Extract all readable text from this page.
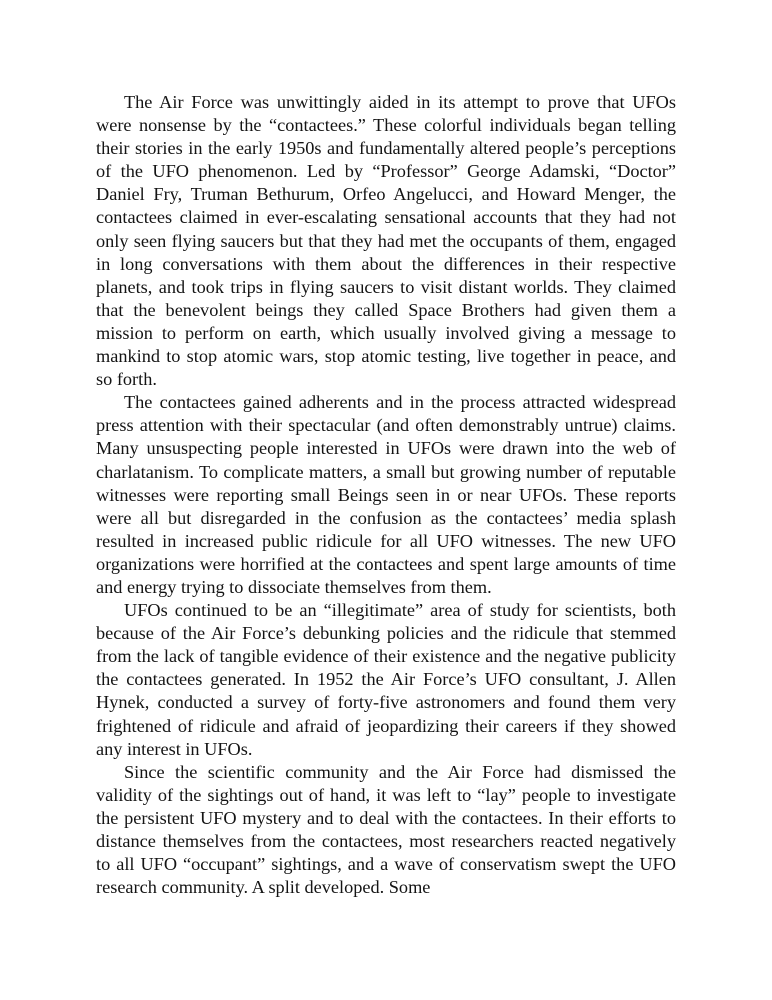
The Air Force was unwittingly aided in its attempt to prove that UFOs were nonsense by the “contactees.” These colorful individuals began telling their stories in the early 1950s and fundamentally altered people’s perceptions of the UFO phenomenon. Led by “Professor” George Adamski, “Doctor” Daniel Fry, Truman Bethurum, Orfeo Angelucci, and Howard Menger, the contactees claimed in ever-escalating sensational accounts that they had not only seen flying saucers but that they had met the occupants of them, engaged in long conversations with them about the differences in their respective planets, and took trips in flying saucers to visit distant worlds. They claimed that the benevolent beings they called Space Brothers had given them a mission to perform on earth, which usually involved giving a message to mankind to stop atomic wars, stop atomic testing, live together in peace, and so forth.

The contactees gained adherents and in the process attracted widespread press attention with their spectacular (and often demonstrably untrue) claims. Many unsuspecting people interested in UFOs were drawn into the web of charlatanism. To complicate matters, a small but growing number of reputable witnesses were reporting small Beings seen in or near UFOs. These reports were all but disregarded in the confusion as the contactees’ media splash resulted in increased public ridicule for all UFO witnesses. The new UFO organizations were horrified at the contactees and spent large amounts of time and energy trying to dissociate themselves from them.

UFOs continued to be an “illegitimate” area of study for scientists, both because of the Air Force’s debunking policies and the ridicule that stemmed from the lack of tangible evidence of their existence and the negative publicity the contactees generated. In 1952 the Air Force’s UFO consultant, J. Allen Hynek, conducted a survey of forty-five astronomers and found them very frightened of ridicule and afraid of jeopardizing their careers if they showed any interest in UFOs.

Since the scientific community and the Air Force had dismissed the validity of the sightings out of hand, it was left to “lay” people to investigate the persistent UFO mystery and to deal with the contactees. In their efforts to distance themselves from the contactees, most researchers reacted negatively to all UFO “occupant” sightings, and a wave of conservatism swept the UFO research community. A split developed. Some
